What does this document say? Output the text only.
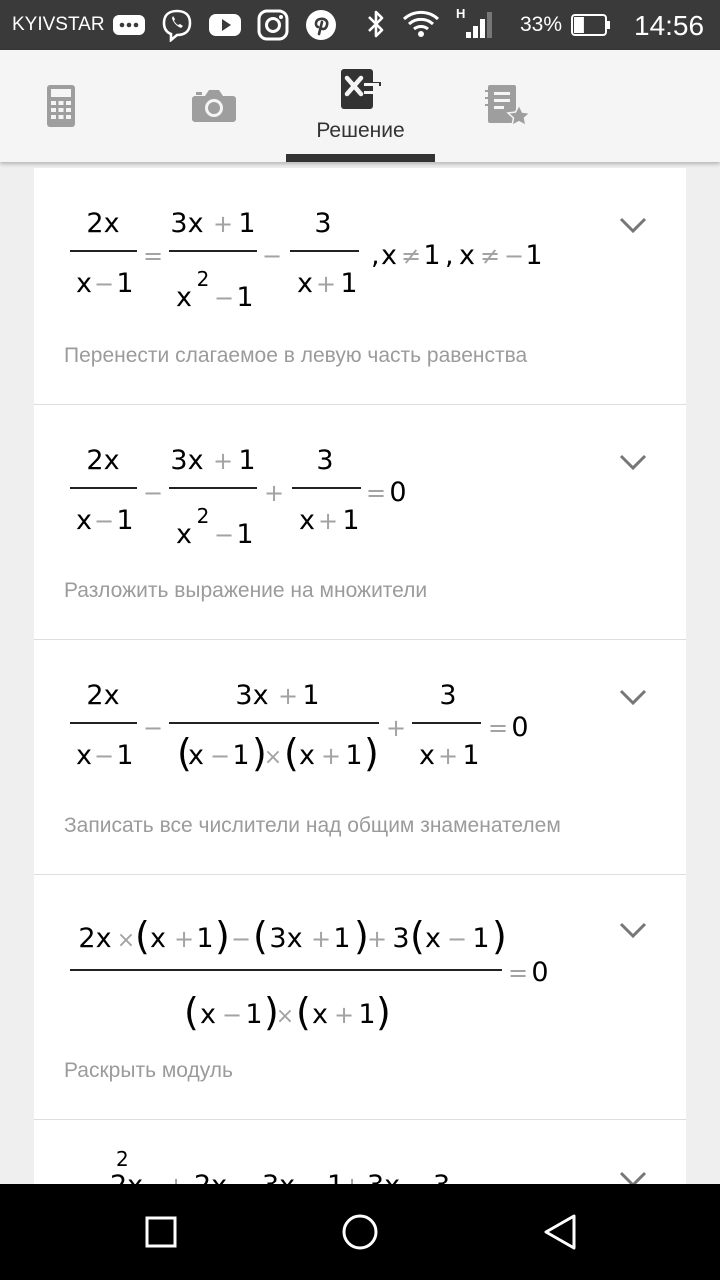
KYIVSTAR
H	33%	14:56
Решение
2x
x − 1
=
3x + 1
x
2
− 1
−
3
x + 1
, x ≠ 1 , x ≠ − 1
Перенести слагаемое в левую часть равенства
2x
x − 1
−
3x + 1
x
2
− 1
+
3
x + 1
= 0
Разложить выражение на множители
2x
x − 1
−
3x + 1
(
x − 1 )
× ( x + 1 )
+
3
x + 1
= 0
Записать все числители над общим знаменателем
2x × ( x + 1 ) − ( 3x + 1 )
+ 3 ( x − 1 )
( x − 1 )
× ( x + 1 )
= 0
Раскрыть модуль
2
